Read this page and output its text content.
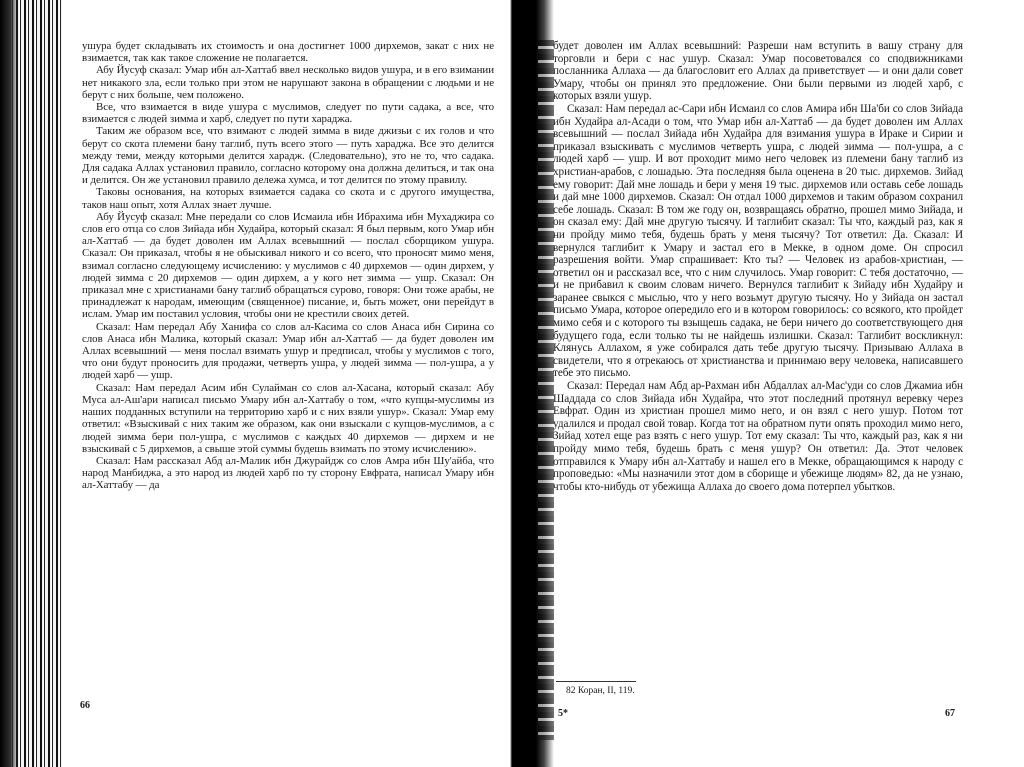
ушура будет складывать их стоимость и она достигнет 1000 дирхемов, закат с них не взимается, так как такое сложение не полагается.

Абу Йусуф сказал: Умар ибн ал-Хаттаб ввел несколько видов ушура, и в его взимании нет никакого зла, если только при этом не нарушают закона в обращении с людьми и не берут с них больше, чем положено.

Все, что взимается в виде ушура с муслимов, следует по пути садака, а все, что взимается с людей зимма и харб, следует по пути хараджа.

Таким же образом все, что взимают с людей зимма в виде джизьи с их голов и что берут со скота племени бану таглиб, путь всего этого — путь хараджа. Все это делится между теми, между которыми делится харадж. (Следовательно), это не то, что садака. Для садака Аллах установил правило, согласно которому она должна делиться, и так она и делится. Он же установил правило дележа хумса, и тот делится по этому правилу.

Таковы основания, на которых взимается садака со скота и с другого имущества, таков наш опыт, хотя Аллах знает лучше.

Абу Йусуф сказал: Мне передали со слов Исмаила ибн Ибрахима ибн Мухаджира со слов его отца со слов Зийада ибн Худайра, который сказал: Я был первым, кого Умар ибн ал-Хаттаб — да будет доволен им Аллах всевышний — послал сборщиком ушура. Сказал: Он приказал, чтобы я не обыскивал никого и со всего, что проносят мимо меня, взимал согласно следующему исчислению: у муслимов с 40 дирхемов — один дирхем, у людей зимма с 20 дирхемов — один дирхем, а у кого нет зимма — ушр. Сказал: Он приказал мне с христианами бану таглиб обращаться сурово, говоря: Они тоже арабы, не принадлежат к народам, имеющим (священное) писание, и, быть может, они перейдут в ислам. Умар им поставил условия, чтобы они не крестили своих детей.

Сказал: Нам передал Абу Ханифа со слов ал-Касима со слов Анаса ибн Сирина со слов Анаса ибн Малика, который сказал: Умар ибн ал-Хаттаб — да будет доволен им Аллах всевышний — меня послал взимать ушур и предписал, чтобы у муслимов с того, что они будут проносить для продажи, четверть ушра, у людей зимма — пол-ушра, а у людей харб — ушр.

Сказал: Нам передал Асим ибн Сулайман со слов ал-Хасана, который сказал: Абу Муса ал-Аш'ари написал письмо Умару ибн ал-Хаттабу о том, «что купцы-муслимы из наших подданных вступили на территорию харб и с них взяли ушур». Сказал: Умар ему ответил: «Взыскивай с них таким же образом, как они взыскали с купцов-муслимов, а с людей зимма бери пол-ушра, с муслимов с каждых 40 дирхемов — дирхем и не взыскивай с 5 дирхемов, а свыше этой суммы будешь взимать по этому исчислению».

Сказал: Нам рассказал Абд ал-Малик ибн Джурайдж со слов Амра ибн Шу'айба, что народ Манбиджа, а это народ из людей харб по ту сторону Евфрата, написал Умару ибн ал-Хаттабу — да

66

будет доволен им Аллах всевышний: Разреши нам вступить в вашу страну для торговли и бери с нас ушур. Сказал: Умар посоветовался со сподвижниками посланника Аллаха — да благословит его Аллах да приветствует — и они дали совет Умару, чтобы он принял это предложение. Они были первыми из людей харб, с которых взяли ушур.

Сказал: Нам передал ас-Сари ибн Исмаил со слов Амира ибн Ша'би со слов Зийада ибн Худайра ал-Асади о том, что Умар ибн ал-Хаттаб — да будет доволен им Аллах всевышний — послал Зийада ибн Худайра для взимания ушура в Ираке и Сирии и приказал взыскивать с муслимов четверть ушра, с людей зимма — пол-ушра, а с людей харб — ушр. И вот проходит мимо него человек из племени бану таглиб из христиан-арабов, с лошадью. Эта последняя была оценена в 20 тыс. дирхемов. Зийад ему говорит: Дай мне лошадь и бери у меня 19 тыс. дирхемов или оставь себе лошадь и дай мне 1000 дирхемов. Сказал: Он отдал 1000 дирхемов и таким образом сохранил себе лошадь. Сказал: В том же году он, возвращаясь обратно, прошел мимо Зийада, и он сказал ему: Дай мне другую тысячу. И таглибит сказал: Ты что, каждый раз, как я ни пройду мимо тебя, будешь брать у меня тысячу? Тот ответил: Да. Сказал: И вернулся таглибит к Умару и застал его в Мекке, в одном доме. Он спросил разрешения войти. Умар спрашивает: Кто ты? — Человек из арабов-христиан, — ответил он и рассказал все, что с ним случилось. Умар говорит: С тебя достаточно, — и не прибавил к своим словам ничего. Вернулся таглибит к Зийаду ибн Худайру и заранее свыкся с мыслью, что у него возьмут другую тысячу. Но у Зийада он застал письмо Умара, которое опередило его и в котором говорилось: со всякого, кто пройдет мимо себя и с которого ты взыщешь садака, не бери ничего до соответствующего дня будущего года, если только ты не найдешь излишки. Сказал: Таглибит воскликнул: Клянусь Аллахом, я уже собирался дать тебе другую тысячу. Призываю Аллаха в свидетели, что я отрекаюсь от христианства и принимаю веру человека, написавшего тебе это письмо.

Сказал: Передал нам Абд ар-Рахман ибн Абдаллах ал-Мас'уди со слов Джамиа ибн Шаддада со слов Зийада ибн Худайра, что этот последний протянул веревку через Евфрат. Один из христиан прошел мимо него, и он взял с него ушур. Потом тот удалился и продал свой товар. Когда тот на обратном пути опять проходил мимо него, Зийад хотел еще раз взять с него ушур. Тот ему сказал: Ты что, каждый раз, как я ни пройду мимо тебя, будешь брать с меня ушур? Он ответил: Да. Этот человек отправился к Умару ибн ал-Хаттабу и нашел его в Мекке, обращающимся к народу с проповедью: «Мы назначили этот дом в сборище и убежище людям» 82, да не узнаю, чтобы кто-нибудь от убежища Аллаха до своего дома потерпел убытков.

82 Коран, II, 119.
5*	67
